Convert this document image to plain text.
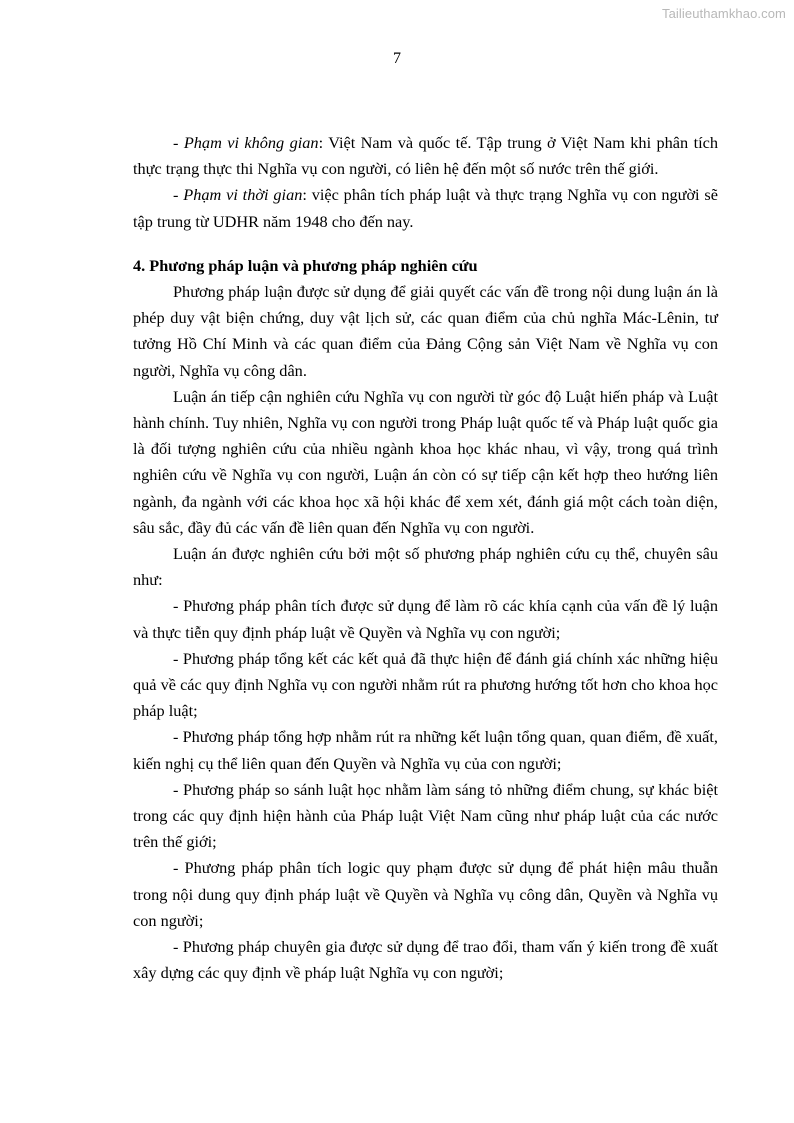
Tailieuthamkhao.com
7

- Phạm vi không gian: Việt Nam và quốc tế. Tập trung ở Việt Nam khi phân tích thực trạng thực thi Nghĩa vụ con người, có liên hệ đến một số nước trên thế giới.

- Phạm vi thời gian: việc phân tích pháp luật và thực trạng Nghĩa vụ con người sẽ tập trung từ UDHR năm 1948 cho đến nay.

4. Phương pháp luận và phương pháp nghiên cứu

Phương pháp luận được sử dụng để giải quyết các vấn đề trong nội dung luận án là phép duy vật biện chứng, duy vật lịch sử, các quan điểm của chủ nghĩa Mác-Lênin, tư tưởng Hồ Chí Minh và các quan điểm của Đảng Cộng sản Việt Nam về Nghĩa vụ con người, Nghĩa vụ công dân.

Luận án tiếp cận nghiên cứu Nghĩa vụ con người từ góc độ Luật hiến pháp và Luật hành chính. Tuy nhiên, Nghĩa vụ con người trong Pháp luật quốc tế và Pháp luật quốc gia là đối tượng nghiên cứu của nhiều ngành khoa học khác nhau, vì vậy, trong quá trình nghiên cứu về Nghĩa vụ con người, Luận án còn có sự tiếp cận kết hợp theo hướng liên ngành, đa ngành với các khoa học xã hội khác để xem xét, đánh giá một cách toàn diện, sâu sắc, đầy đủ các vấn đề liên quan đến Nghĩa vụ con người.

Luận án được nghiên cứu bởi một số phương pháp nghiên cứu cụ thể, chuyên sâu như:

- Phương pháp phân tích được sử dụng để làm rõ các khía cạnh của vấn đề lý luận và thực tiễn quy định pháp luật về Quyền và Nghĩa vụ con người;

- Phương pháp tổng kết các kết quả đã thực hiện để đánh giá chính xác những hiệu quả về các quy định Nghĩa vụ con người nhằm rút ra phương hướng tốt hơn cho khoa học pháp luật;

- Phương pháp tổng hợp nhằm rút ra những kết luận tổng quan, quan điểm, đề xuất, kiến nghị cụ thể liên quan đến Quyền và Nghĩa vụ của con người;

- Phương pháp so sánh luật học nhằm làm sáng tỏ những điểm chung, sự khác biệt trong các quy định hiện hành của Pháp luật Việt Nam cũng như pháp luật của các nước trên thế giới;

- Phương pháp phân tích logic quy phạm được sử dụng để phát hiện mâu thuẫn trong nội dung quy định pháp luật về Quyền và Nghĩa vụ công dân, Quyền và Nghĩa vụ con người;

- Phương pháp chuyên gia được sử dụng để trao đổi, tham vấn ý kiến trong đề xuất xây dựng các quy định về pháp luật Nghĩa vụ con người;
